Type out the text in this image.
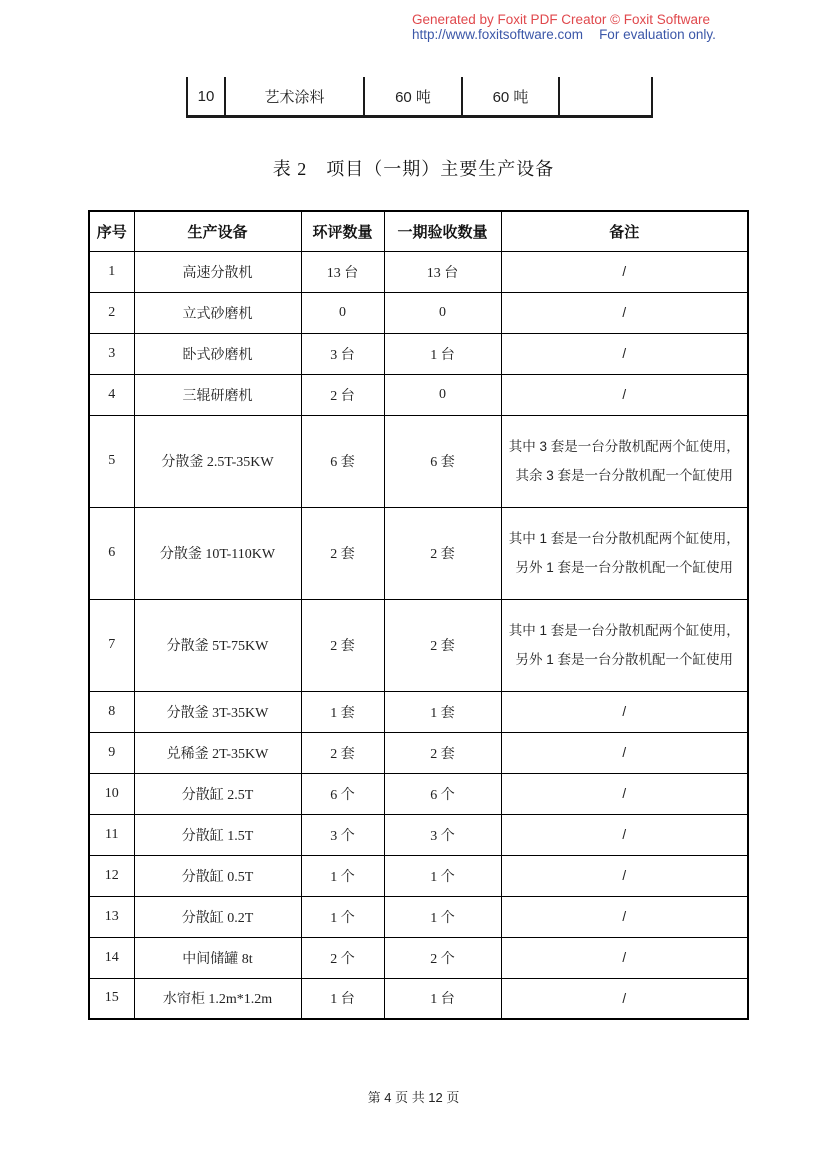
Generated by Foxit PDF Creator © Foxit Software
http://www.foxitsoftware.com For evaluation only.
10	艺术涂料	60 吨	60 吨
表 2　项目（一期）主要生产设备
序号	生产设备	环评数量	一期验收数量	备注
1	高速分散机	13 台	13 台	/
2	立式砂磨机	0	0	/
3	卧式砂磨机	3 台	1 台	/
4	三辊研磨机	2 台	0	/
5	分散釜 2.5T-35KW	6 套	6 套	其中 3 套是一台分散机配两个缸使用，其余 3 套是一台分散机配一个缸使用
6	分散釜 10T-110KW	2 套	2 套	其中 1 套是一台分散机配两个缸使用，另外 1 套是一台分散机配一个缸使用
7	分散釜 5T-75KW	2 套	2 套	其中 1 套是一台分散机配两个缸使用，另外 1 套是一台分散机配一个缸使用
8	分散釜 3T-35KW	1 套	1 套	/
9	兑稀釜 2T-35KW	2 套	2 套	/
10	分散缸 2.5T	6 个	6 个	/
11	分散缸 1.5T	3 个	3 个	/
12	分散缸 0.5T	1 个	1 个	/
13	分散缸 0.2T	1 个	1 个	/
14	中间储罐 8t	2 个	2 个	/
15	水帘柜 1.2m*1.2m	1 台	1 台	/
第 4 页 共 12 页
